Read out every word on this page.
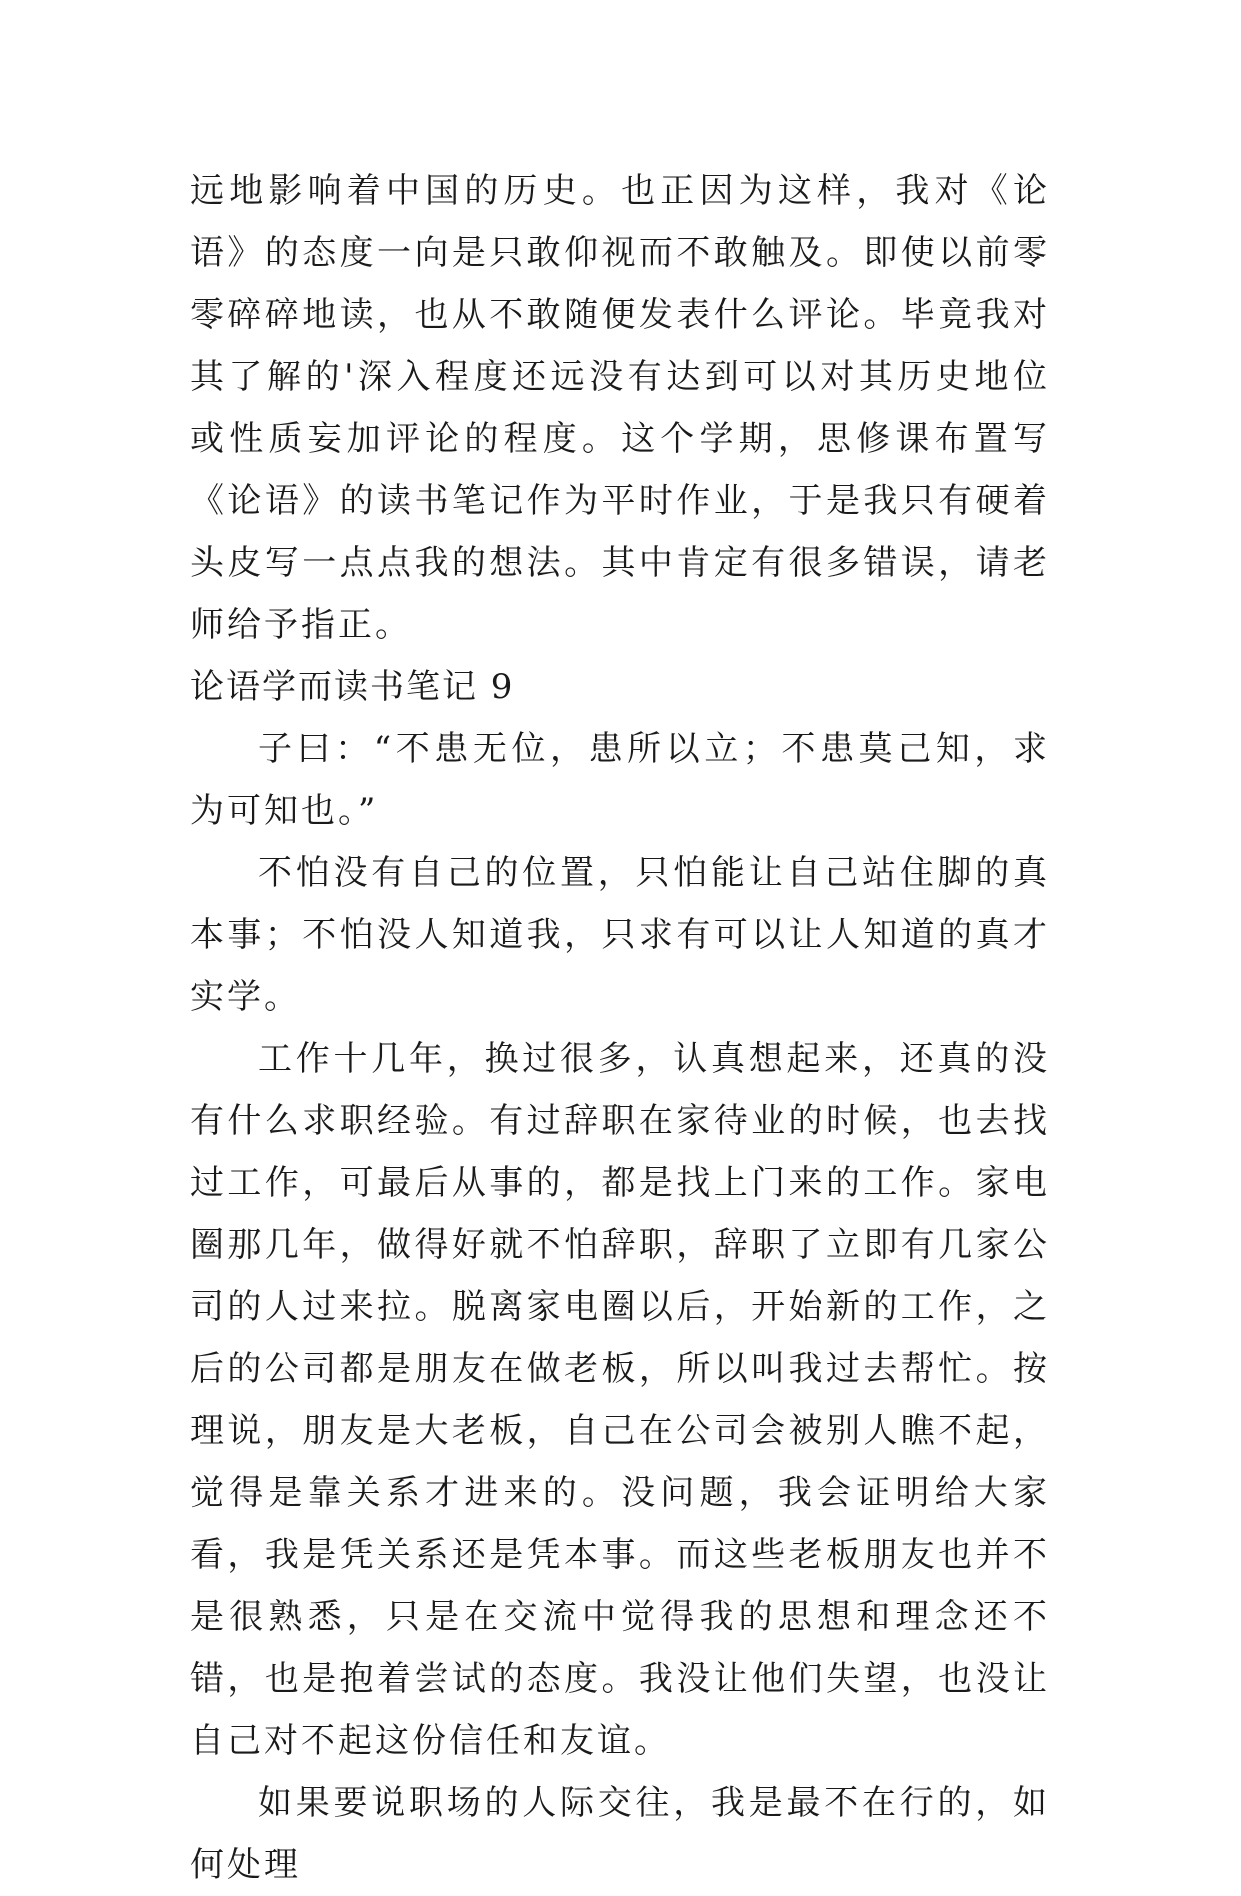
远地影响着中国的历史。也正因为这样，我对《论语》的态度一向是只敢仰视而不敢触及。即使以前零零碎碎地读，也从不敢随便发表什么评论。毕竟我对其了解的'深入程度还远没有达到可以对其历史地位或性质妄加评论的程度。这个学期，思修课布置写《论语》的读书笔记作为平时作业，于是我只有硬着头皮写一点点我的想法。其中肯定有很多错误，请老师给予指正。

论语学而读书笔记 9

子曰：“不患无位，患所以立；不患莫己知，求为可知也。”

不怕没有自己的位置，只怕能让自己站住脚的真本事；不怕没人知道我，只求有可以让人知道的真才实学。

工作十几年，换过很多，认真想起来，还真的没有什么求职经验。有过辞职在家待业的时候，也去找过工作，可最后从事的，都是找上门来的工作。家电圈那几年，做得好就不怕辞职，辞职了立即有几家公司的人过来拉。脱离家电圈以后，开始新的工作，之后的公司都是朋友在做老板，所以叫我过去帮忙。按理说，朋友是大老板，自己在公司会被别人瞧不起，觉得是靠关系才进来的。没问题，我会证明给大家看，我是凭关系还是凭本事。而这些老板朋友也并不是很熟悉，只是在交流中觉得我的思想和理念还不错，也是抱着尝试的态度。我没让他们失望，也没让自己对不起这份信任和友谊。

如果要说职场的人际交往，我是最不在行的，如何处理
